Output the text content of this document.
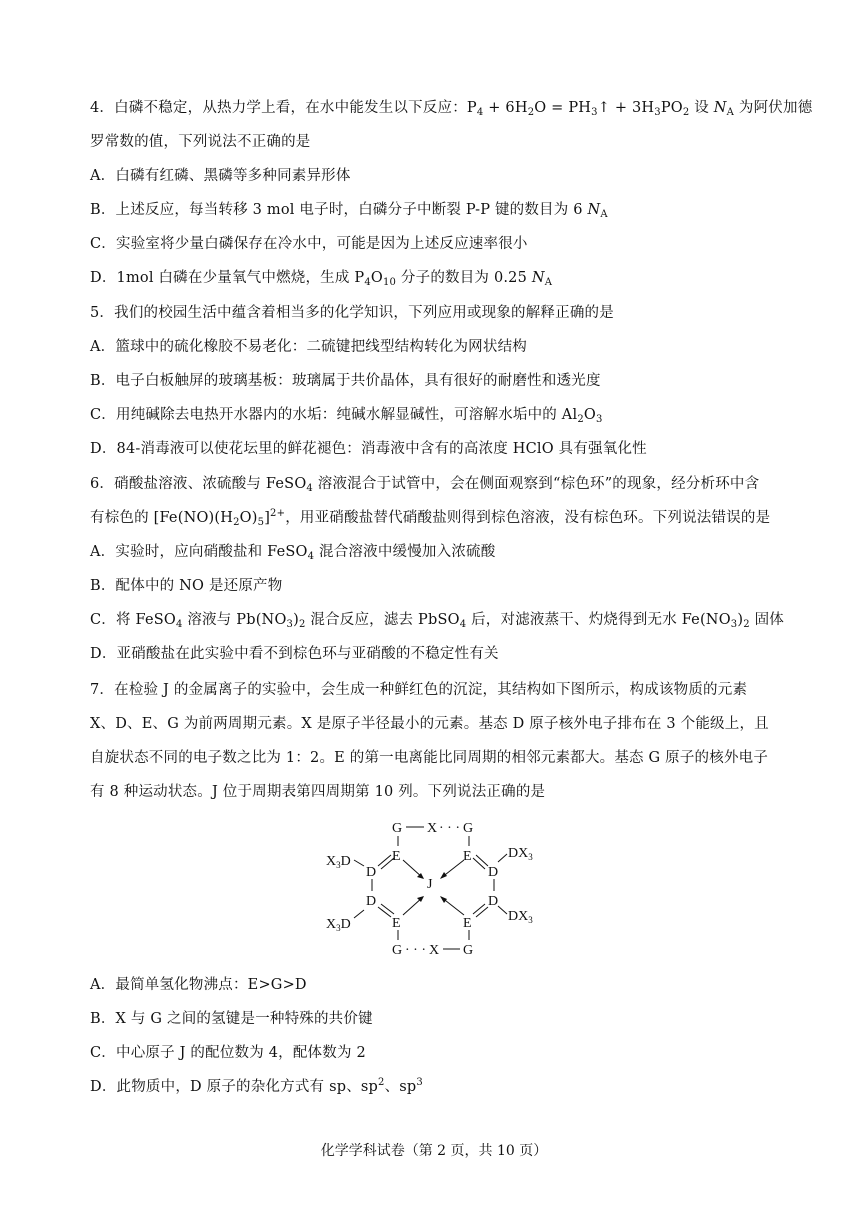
4．白磷不稳定，从热力学上看，在水中能发生以下反应：$P_4 + 6H_2O$ = $PH_3↑ + 3H_3PO_2$ 设 $N_A$ 为阿伏加德
罗常数的值，下列说法不正确的是
A．白磷有红磷、黑磷等多种同素异形体
B．上述反应，每当转移 3 mol 电子时，白磷分子中断裂 P-P 键的数目为 6 $N_A$
C．实验室将少量白磷保存在冷水中，可能是因为上述反应速率很小
D．1mol 白磷在少量氧气中燃烧，生成 $P_4O_{10}$ 分子的数目为 0.25 $N_A$
5．我们的校园生活中蕴含着相当多的化学知识，下列应用或现象的解释正确的是
A．篮球中的硫化橡胶不易老化：二硫键把线型结构转化为网状结构
B．电子白板触屏的玻璃基板：玻璃属于共价晶体，具有很好的耐磨性和透光度
C．用纯碱除去电热开水器内的水垢：纯碱水解显碱性，可溶解水垢中的 $Al_2O_3$
D．84-消毒液可以使花坛里的鲜花褪色：消毒液中含有的高浓度 HClO 具有强氧化性
6．硝酸盐溶液、浓硫酸与 FeSO$_4$ 溶液混合于试管中，会在侧面观察到“棕色环”的现象，经分析环中含
有棕色的 $[Fe(NO)(H_2O)_5]^{2+}$，用亚硝酸盐替代硝酸盐则得到棕色溶液，没有棕色环。下列说法错误的是
A．实验时，应向硝酸盐和 FeSO$_4$ 混合溶液中缓慢加入浓硫酸
B．配体中的 NO 是还原产物
C．将 FeSO$_4$ 溶液与 $Pb(NO_3)_2$ 混合反应，滤去 PbSO$_4$ 后，对滤液蒸干、灼烧得到无水 $Fe(NO_3)_2$ 固体
D．亚硝酸盐在此实验中看不到棕色环与亚硝酸的不稳定性有关
7．在检验 J 的金属离子的实验中，会生成一种鲜红色的沉淀，其结构如下图所示，构成该物质的元素
X、D、E、G 为前两周期元素。X 是原子半径最小的元素。基态 D 原子核外电子排布在 3 个能级上，且
自旋状态不同的电子数之比为 1：2。E 的第一电离能比同周期的相邻元素都大。基态 G 原子的核外电子
有 8 种运动状态。J 位于周期表第四周期第 10 列。下列说法正确的是
G X · · · G
E	E
$X_3D$
$DX_3$
D
D
D
D
J
$X_3D$
$DX_3$
E	E
G · · · X G
A．最简单氢化物沸点：E>G>D
B．X 与 G 之间的氢键是一种特殊的共价键
C．中心原子 J 的配位数为 4，配体数为 2
D．此物质中，D 原子的杂化方式有 sp、$sp^2$、$sp^3$
化学学科试卷（第 2 页，共 10 页）
